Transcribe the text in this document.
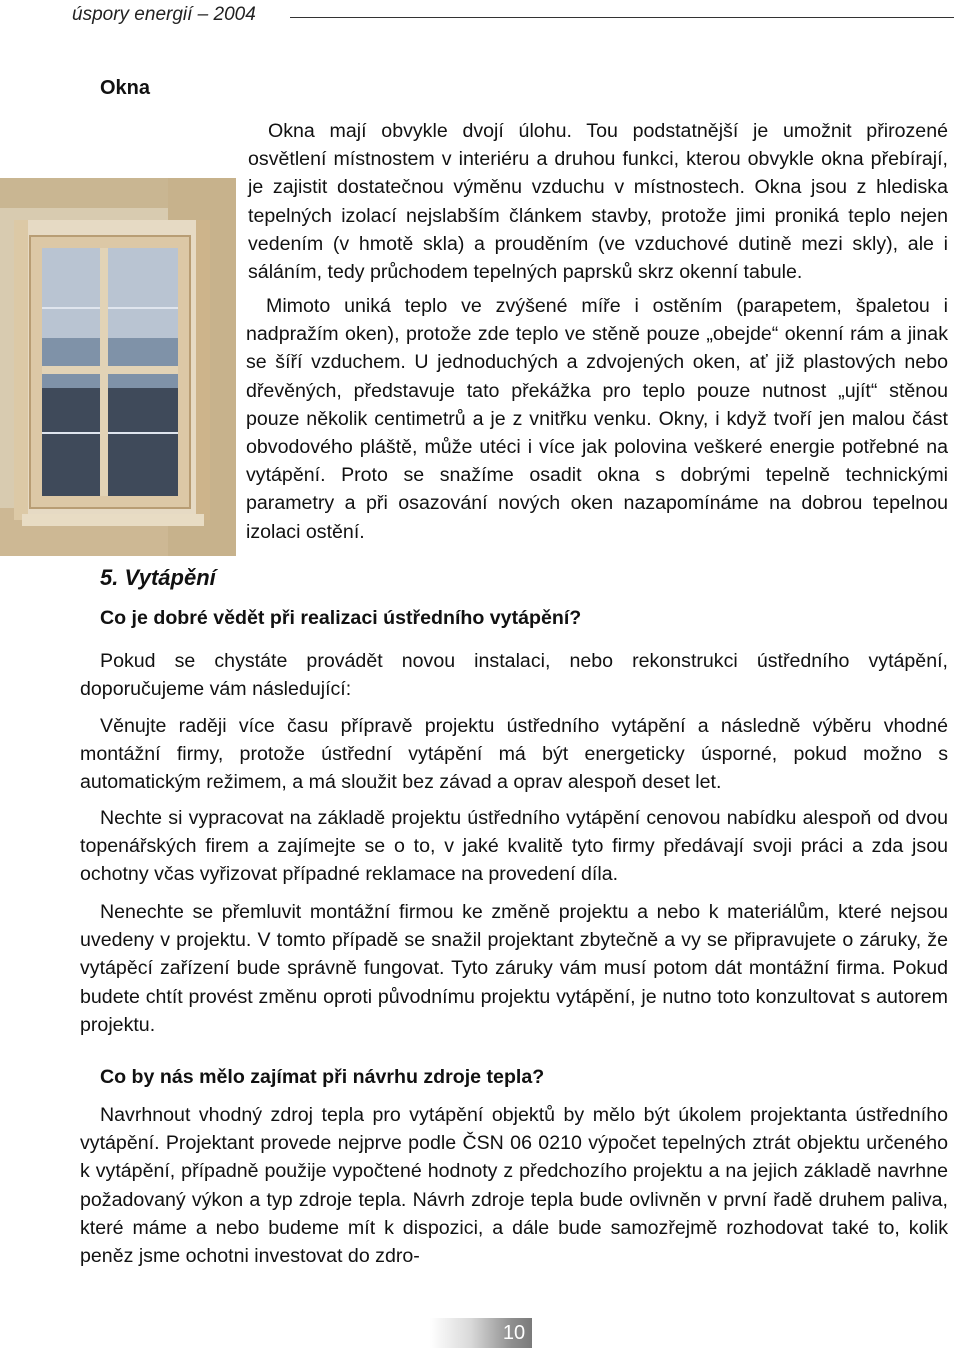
úspory energií – 2004
Okna

Okna mají obvykle dvojí úlohu. Tou podstatnější je umožnit přirozené osvětlení místnostem v interiéru a druhou funkci, kterou obvykle okna přebírají, je zajistit dostatečnou výměnu vzduchu v místnostech. Okna jsou z hlediska tepelných izolací nejslabším článkem stavby, protože jimi proniká teplo nejen vedením (v hmotě skla) a prouděním (ve vzduchové dutině mezi skly), ale i sáláním, tedy průchodem tepelných paprsků skrz okenní tabule.

Mimoto uniká teplo ve zvýšené míře i ostěním (parapetem, špaletou i nadpražím oken), protože zde teplo ve stěně pouze „obejde“ okenní rám a jinak se šíří vzduchem. U jednoduchých a zdvojených oken, ať již plastových nebo dřevěných, představuje tato překážka pro teplo pouze nutnost „ujít“ stěnou pouze několik centimetrů a je z vnitřku venku. Okny, i když tvoří jen malou část obvodového pláště, může utéci i více jak polovina veškeré energie potřebné na vytápění. Proto se snažíme osadit okna s dobrými tepelně technickými parametry a při osazování nových oken nazapomínáme na dobrou tepelnou izolaci ostění.

5. Vytápění
Co je dobré vědět při realizaci ústředního vytápění?

Pokud se chystáte provádět novou instalaci, nebo rekonstrukci ústředního vytápění, doporučujeme vám následující:

Věnujte raději více času přípravě projektu ústředního vytápění a následně výběru vhodné montážní firmy, protože ústřední vytápění má být energeticky úsporné, pokud možno s automatickým režimem, a má sloužit bez závad a oprav alespoň deset let.

Nechte si vypracovat na základě projektu ústředního vytápění cenovou nabídku alespoň od dvou topenářských firem a zajímejte se o to, v jaké kvalitě tyto firmy předávají svoji práci a zda jsou ochotny včas vyřizovat případné reklamace na provedení díla.

Nenechte se přemluvit montážní firmou ke změně projektu a nebo k materiálům, které nejsou uvedeny v projektu. V tomto případě se snažil projektant zbytečně a vy se připravujete o záruky, že vytápěcí zařízení bude správně fungovat. Tyto záruky vám musí potom dát montážní firma. Pokud budete chtít provést změnu oproti původnímu projektu vytápění, je nutno toto konzultovat s autorem projektu.

Co by nás mělo zajímat při návrhu zdroje tepla?

Navrhnout vhodný zdroj tepla pro vytápění objektů by mělo být úkolem projektanta ústředního vytápění. Projektant provede nejprve podle ČSN 06 0210 výpočet tepelných ztrát objektu určeného k vytápění, případně použije vypočtené hodnoty z předchozího projektu a na jejich základě navrhne požadovaný výkon a typ zdroje tepla. Návrh zdroje tepla bude ovlivněn v první řadě druhem paliva, které máme a nebo budeme mít k dispozici, a dále bude samozřejmě rozhodovat také to, kolik peněz jsme ochotni investovat do zdro-

10
